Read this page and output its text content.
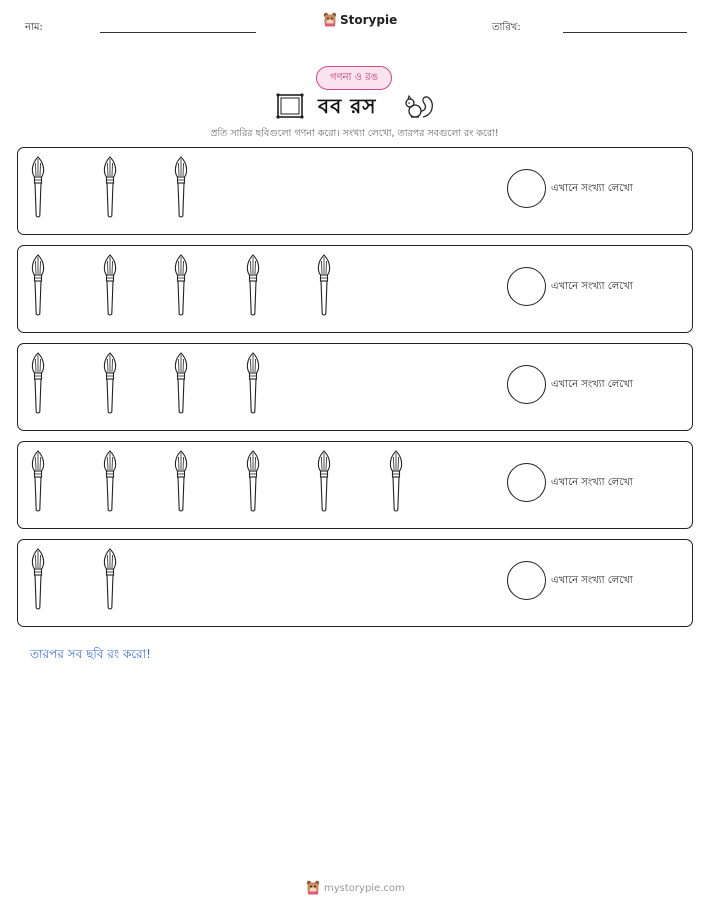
নাম:
Storypie
তারিখ:
গণনা ও রঙ
বব রস
প্রতি সারির ছবিগুলো গণনা করো। সংখ্যা লেখো, তারপর সবগুলো রং করো!
এখানে সংখ্যা লেখো
এখানে সংখ্যা লেখো
এখানে সংখ্যা লেখো
এখানে সংখ্যা লেখো
এখানে সংখ্যা লেখো
তারপর সব ছবি রং করো!
mystorypie.com
